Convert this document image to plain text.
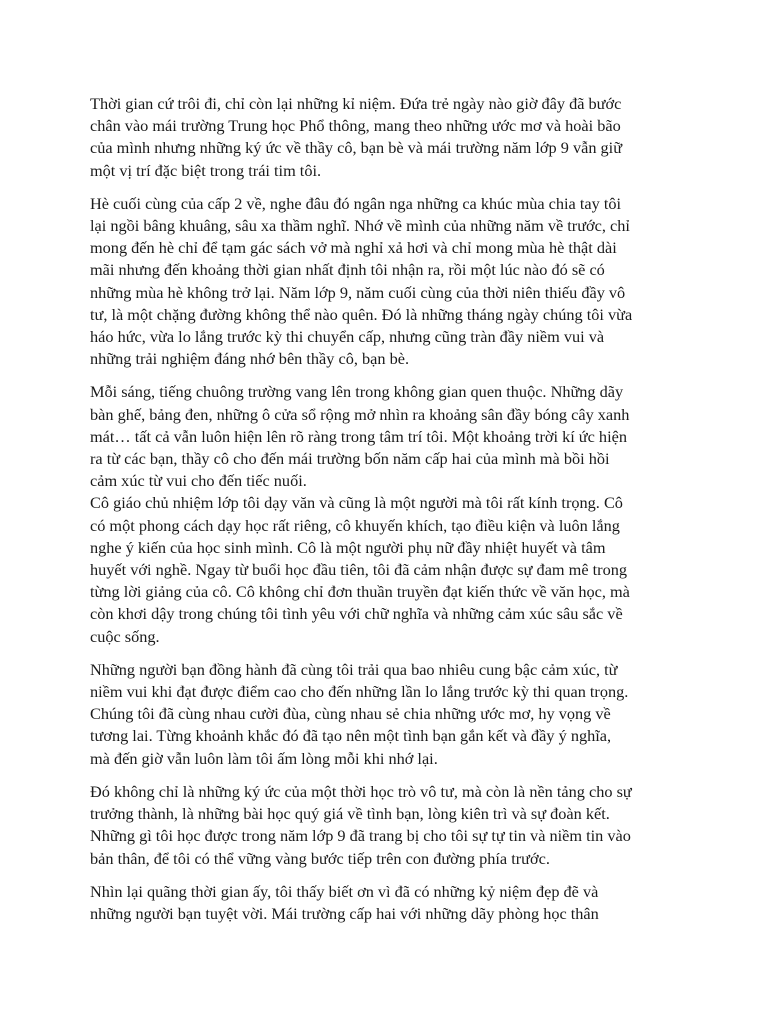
Thời gian cứ trôi đi, chỉ còn lại những kỉ niệm. Đứa trẻ ngày nào giờ đây đã bước
chân vào mái trường Trung học Phổ thông, mang theo những ước mơ và hoài bão
của mình nhưng những ký ức về thầy cô, bạn bè và mái trường năm lớp 9 vẫn giữ
một vị trí đặc biệt trong trái tim tôi.

Hè cuối cùng của cấp 2 về, nghe đâu đó ngân nga những ca khúc mùa chia tay tôi
lại ngồi bâng khuâng, sâu xa thầm nghĩ. Nhớ về mình của những năm về trước, chỉ
mong đến hè chỉ để tạm gác sách vở mà nghỉ xả hơi và chỉ mong mùa hè thật dài
mãi nhưng đến khoảng thời gian nhất định tôi nhận ra, rồi một lúc nào đó sẽ có
những mùa hè không trở lại. Năm lớp 9, năm cuối cùng của thời niên thiếu đầy vô
tư, là một chặng đường không thể nào quên. Đó là những tháng ngày chúng tôi vừa
háo hức, vừa lo lắng trước kỳ thi chuyển cấp, nhưng cũng tràn đầy niềm vui và
những trải nghiệm đáng nhớ bên thầy cô, bạn bè.

Mỗi sáng, tiếng chuông trường vang lên trong không gian quen thuộc. Những dãy
bàn ghế, bảng đen, những ô cửa sổ rộng mở nhìn ra khoảng sân đầy bóng cây xanh
mát… tất cả vẫn luôn hiện lên rõ ràng trong tâm trí tôi. Một khoảng trời kí ức hiện
ra từ các bạn, thầy cô cho đến mái trường bốn năm cấp hai của mình mà bồi hồi
cảm xúc từ vui cho đến tiếc nuối.

Cô giáo chủ nhiệm lớp tôi dạy văn và cũng là một người mà tôi rất kính trọng. Cô
có một phong cách dạy học rất riêng, cô khuyến khích, tạo điều kiện và luôn lắng
nghe ý kiến của học sinh mình. Cô là một người phụ nữ đầy nhiệt huyết và tâm
huyết với nghề. Ngay từ buổi học đầu tiên, tôi đã cảm nhận được sự đam mê trong
từng lời giảng của cô. Cô không chỉ đơn thuần truyền đạt kiến thức về văn học, mà
còn khơi dậy trong chúng tôi tình yêu với chữ nghĩa và những cảm xúc sâu sắc về
cuộc sống.

Những người bạn đồng hành đã cùng tôi trải qua bao nhiêu cung bậc cảm xúc, từ
niềm vui khi đạt được điểm cao cho đến những lần lo lắng trước kỳ thi quan trọng.
Chúng tôi đã cùng nhau cười đùa, cùng nhau sẻ chia những ước mơ, hy vọng về
tương lai. Từng khoảnh khắc đó đã tạo nên một tình bạn gắn kết và đầy ý nghĩa,
mà đến giờ vẫn luôn làm tôi ấm lòng mỗi khi nhớ lại.

Đó không chỉ là những ký ức của một thời học trò vô tư, mà còn là nền tảng cho sự
trưởng thành, là những bài học quý giá về tình bạn, lòng kiên trì và sự đoàn kết.
Những gì tôi học được trong năm lớp 9 đã trang bị cho tôi sự tự tin và niềm tin vào
bản thân, để tôi có thể vững vàng bước tiếp trên con đường phía trước.

Nhìn lại quãng thời gian ấy, tôi thấy biết ơn vì đã có những kỷ niệm đẹp đẽ và
những người bạn tuyệt vời. Mái trường cấp hai với những dãy phòng học thân
